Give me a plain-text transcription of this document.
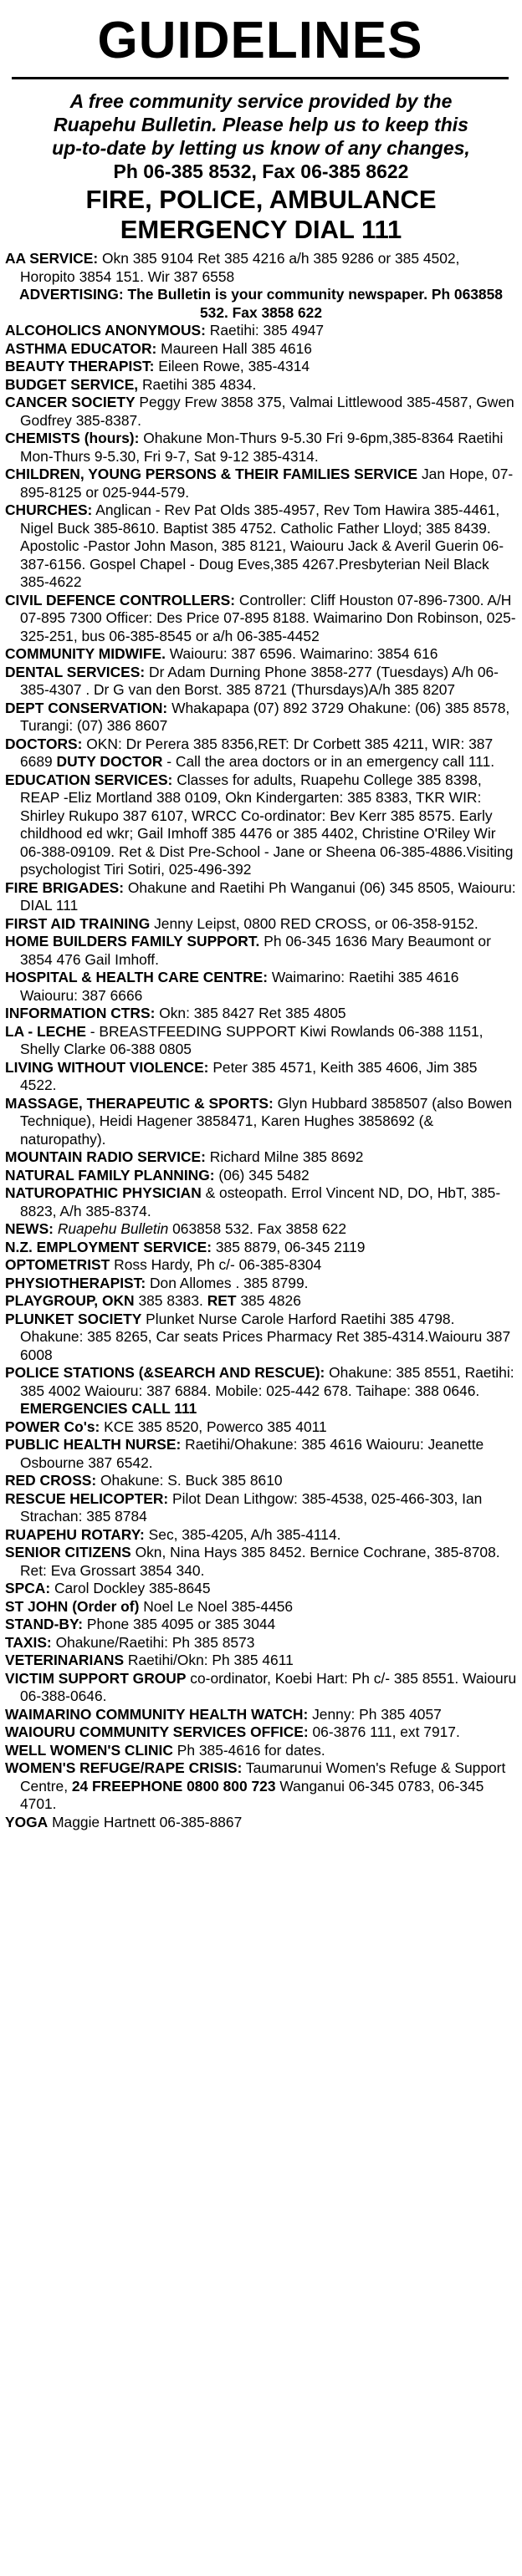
GUIDELINES
A free community service provided by the
Ruapehu Bulletin. Please help us to keep this
up-to-date by letting us know of any changes,
Ph 06-385 8532, Fax 06-385 8622
FIRE, POLICE, AMBULANCE
EMERGENCY DIAL 111
AA SERVICE: Okn 385 9104 Ret 385 4216 a/h 385 9286 or 385 4502, Horopito 3854 151. Wir 387 6558
ADVERTISING: The Bulletin is your community newspaper. Ph 063858 532. Fax 3858 622
ALCOHOLICS ANONYMOUS: Raetihi: 385 4947
ASTHMA EDUCATOR: Maureen Hall 385 4616
BEAUTY THERAPIST: Eileen Rowe, 385-4314
BUDGET SERVICE, Raetihi 385 4834.
CANCER SOCIETY Peggy Frew 3858 375, Valmai Littlewood 385-4587, Gwen Godfrey 385-8387.
CHEMISTS (hours): Ohakune Mon-Thurs 9-5.30 Fri 9-6pm,385-8364 Raetihi Mon-Thurs 9-5.30, Fri 9-7, Sat 9-12 385-4314.
CHILDREN, YOUNG PERSONS & THEIR FAMILIES SERVICE Jan Hope, 07-895-8125 or 025-944-579.
CHURCHES: Anglican - Rev Pat Olds 385-4957, Rev Tom Hawira 385-4461, Nigel Buck 385-8610. Baptist 385 4752. Catholic Father Lloyd; 385 8439. Apostolic -Pastor John Mason, 385 8121, Waiouru Jack & Averil Guerin 06-387-6156. Gospel Chapel - Doug Eves,385 4267.Presbyterian Neil Black 385-4622
CIVIL DEFENCE CONTROLLERS: Controller: Cliff Houston 07-896-7300. A/H 07-895 7300 Officer: Des Price 07-895 8188. Waimarino Don Robinson, 025-325-251, bus 06-385-8545 or a/h 06-385-4452
COMMUNITY MIDWIFE. Waiouru: 387 6596. Waimarino: 3854 616
DENTAL SERVICES: Dr Adam Durning Phone 3858-277 (Tuesdays) A/h 06-385-4307 . Dr G van den Borst. 385 8721 (Thursdays)A/h 385 8207
DEPT CONSERVATION: Whakapapa (07) 892 3729 Ohakune: (06) 385 8578, Turangi: (07) 386 8607
DOCTORS: OKN: Dr Perera 385 8356,RET: Dr Corbett 385 4211, WIR: 387 6689 DUTY DOCTOR - Call the area doctors or in an emergency call 111.
EDUCATION SERVICES: Classes for adults, Ruapehu College 385 8398, REAP -Eliz Mortland 388 0109, Okn Kindergarten: 385 8383, TKR WIR: Shirley Rukupo 387 6107, WRCC Co-ordinator: Bev Kerr 385 8575. Early childhood ed wkr; Gail Imhoff 385 4476 or 385 4402, Christine O'Riley Wir 06-388-09109. Ret & Dist Pre-School - Jane or Sheena 06-385-4886.Visiting psychologist Tiri Sotiri, 025-496-392
FIRE BRIGADES: Ohakune and Raetihi Ph Wanganui (06) 345 8505, Waiouru: DIAL 111
FIRST AID TRAINING Jenny Leipst, 0800 RED CROSS, or 06-358-9152.
HOME BUILDERS FAMILY SUPPORT. Ph 06-345 1636 Mary Beaumont or 3854 476 Gail Imhoff.
HOSPITAL & HEALTH CARE CENTRE: Waimarino: Raetihi 385 4616 Waiouru: 387 6666
INFORMATION CTRS: Okn: 385 8427 Ret 385 4805
LA - LECHE - BREASTFEEDING SUPPORT Kiwi Rowlands 06-388 1151, Shelly Clarke 06-388 0805
LIVING WITHOUT VIOLENCE: Peter 385 4571, Keith 385 4606, Jim 385 4522.
MASSAGE, THERAPEUTIC & SPORTS: Glyn Hubbard 3858507 (also Bowen Technique), Heidi Hagener 3858471, Karen Hughes 3858692 (& naturopathy).
MOUNTAIN RADIO SERVICE: Richard Milne 385 8692
NATURAL FAMILY PLANNING: (06) 345 5482
NATUROPATHIC PHYSICIAN & osteopath. Errol Vincent ND, DO, HbT, 385-8823, A/h 385-8374.
NEWS: Ruapehu Bulletin 063858 532. Fax 3858 622
N.Z. EMPLOYMENT SERVICE: 385 8879, 06-345 2119
OPTOMETRIST Ross Hardy, Ph c/- 06-385-8304
PHYSIOTHERAPIST: Don Allomes . 385 8799.
PLAYGROUP, OKN 385 8383. RET 385 4826
PLUNKET SOCIETY Plunket Nurse Carole Harford Raetihi 385 4798. Ohakune: 385 8265, Car seats Prices Pharmacy Ret 385-4314.Waiouru 387 6008
POLICE STATIONS (&SEARCH AND RESCUE): Ohakune: 385 8551, Raetihi: 385 4002 Waiouru: 387 6884. Mobile: 025-442 678. Taihape: 388 0646. EMERGENCIES CALL 111
POWER Co's: KCE 385 8520, Powerco 385 4011
PUBLIC HEALTH NURSE: Raetihi/Ohakune: 385 4616 Waiouru: Jeanette Osbourne 387 6542.
RED CROSS: Ohakune: S. Buck 385 8610
RESCUE HELICOPTER: Pilot Dean Lithgow: 385-4538, 025-466-303, Ian Strachan: 385 8784
RUAPEHU ROTARY: Sec, 385-4205, A/h 385-4114.
SENIOR CITIZENS Okn, Nina Hays 385 8452. Bernice Cochrane, 385-8708. Ret: Eva Grossart 3854 340.
SPCA: Carol Dockley 385-8645
ST JOHN (Order of) Noel Le Noel 385-4456
STAND-BY: Phone 385 4095 or 385 3044
TAXIS: Ohakune/Raetihi: Ph 385 8573
VETERINARIANS Raetihi/Okn: Ph 385 4611
VICTIM SUPPORT GROUP co-ordinator, Koebi Hart: Ph c/- 385 8551. Waiouru 06-388-0646.
WAIMARINO COMMUNITY HEALTH WATCH: Jenny: Ph 385 4057
WAIOURU COMMUNITY SERVICES OFFICE: 06-3876 111, ext 7917.
WELL WOMEN'S CLINIC Ph 385-4616 for dates.
WOMEN'S REFUGE/RAPE CRISIS: Taumarunui Women's Refuge & Support Centre, 24 FREEPHONE 0800 800 723 Wanganui 06-345 0783, 06-345 4701.
YOGA Maggie Hartnett 06-385-8867
